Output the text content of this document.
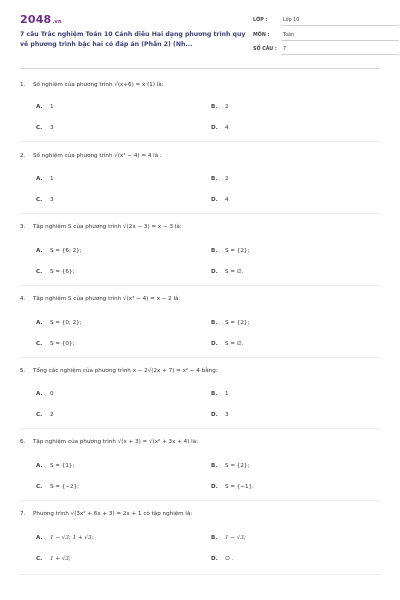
2048.vn
7 câu Trắc nghiệm Toán 10 Cánh diều Hai dạng phương trình quy về phương trình bậc hai có đáp án (Phần 2) (Nh...
LỚP :	Lớp 10
MÔN :	Toán
SỐ CÂU : 7
1. Số nghiệm của phương trình √(x+6) = x (1) là:
A. 1	B. 2
C. 3	D. 4
2. Số nghiệm của phương trình √(x² − 4) = 4 là :
A. 1	B. 2
C. 3	D. 4
3. Tập nghiệm S của phương trình √(2x − 3) = x − 3 là:
A. S = {6; 2};	B. S = {2};
C. S = {6};	D. S = ∅.
4. Tập nghiệm S của phương trình √(x² − 4) = x − 2 là:
A. S = {0; 2};	B. S = {2};
C. S = {0};	D. S = ∅.
5. Tổng các nghiệm của phương trình x − 2√(2x + 7) = x² − 4 bằng:
A. 0	B. 1
C. 2	D. 3
6. Tập nghiệm của phương trình √(x + 3) = √(x² + 3x + 4) là:
A. S = {1};	B. S = {2};
C. S = {−2};	D. S = {−1}.
7. Phương trình √(3x² + 6x + 3) = 2x + 1 có tập nghiệm là:
A. 1 − √3; 1 + √3;	B. 1 − √3;
C. 1 + √3;	D. ∅ .
